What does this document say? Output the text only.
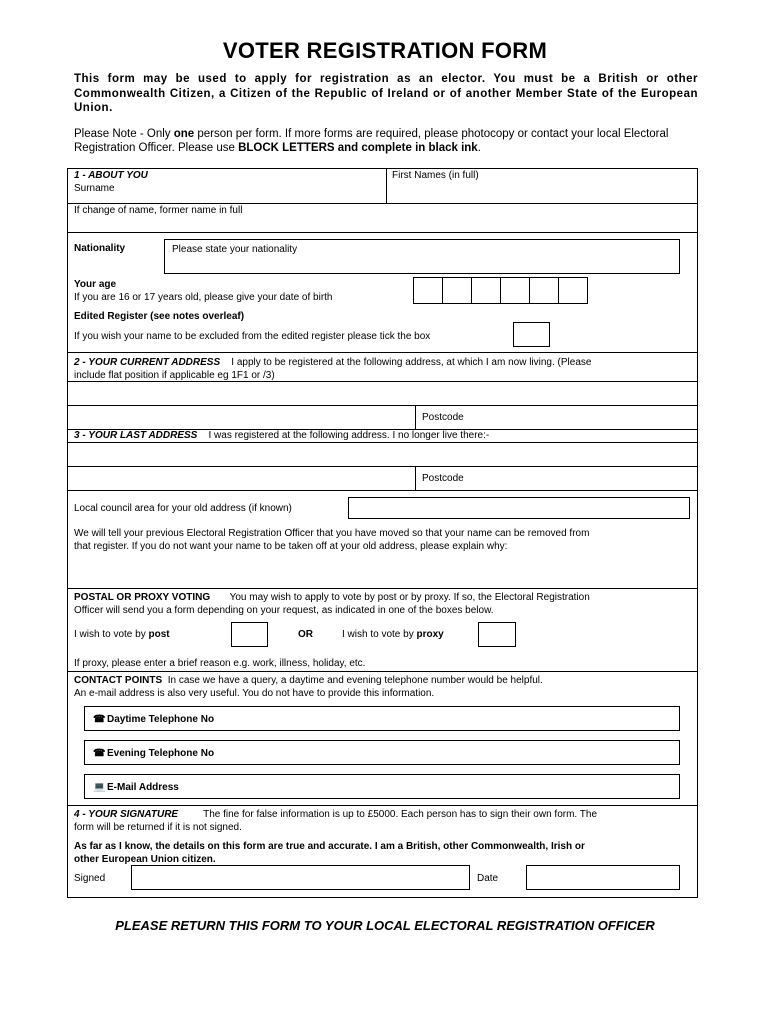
VOTER REGISTRATION FORM
This form may be used to apply for registration as an elector. You must be a British or other Commonwealth Citizen, a Citizen of the Republic of Ireland or of another Member State of the European Union.
Please Note - Only one person per form. If more forms are required, please photocopy or contact your local Electoral Registration Officer. Please use BLOCK LETTERS and complete in black ink.
1 - ABOUT YOU
Surname
First Names (in full)
If change of name, former name in full
Nationality	Please state your nationality
Your age
If you are 16 or 17 years old, please give your date of birth
Edited Register (see notes overleaf)
If you wish your name to be excluded from the edited register please tick the box
2 - YOUR CURRENT ADDRESS I apply to be registered at the following address, at which I am now living. (Please
include flat position if applicable eg 1F1 or /3)
Postcode
3 - YOUR LAST ADDRESS I was registered at the following address. I no longer live there:-
Postcode
Local council area for your old address (if known)
We will tell your previous Electoral Registration Officer that you have moved so that your name can be removed from
that register. If you do not want your name to be taken off at your old address, please explain why:
POSTAL OR PROXY VOTING You may wish to apply to vote by post or by proxy. If so, the Electoral Registration
Officer will send you a form depending on your request, as indicated in one of the boxes below.
I wish to vote by post	OR	I wish to vote by proxy
If proxy, please enter a brief reason e.g. work, illness, holiday, etc.
CONTACT POINTS In case we have a query, a daytime and evening telephone number would be helpful.
An e-mail address is also very useful. You do not have to provide this information.
☎ Daytime Telephone No
☎ Evening Telephone No
💻 E-Mail Address
4 - YOUR SIGNATURE	The fine for false information is up to £5000. Each person has to sign their own form. The
form will be returned if it is not signed.
As far as I know, the details on this form are true and accurate. I am a British, other Commonwealth, Irish or
other European Union citizen.
Signed	Date
PLEASE RETURN THIS FORM TO YOUR LOCAL ELECTORAL REGISTRATION OFFICER
